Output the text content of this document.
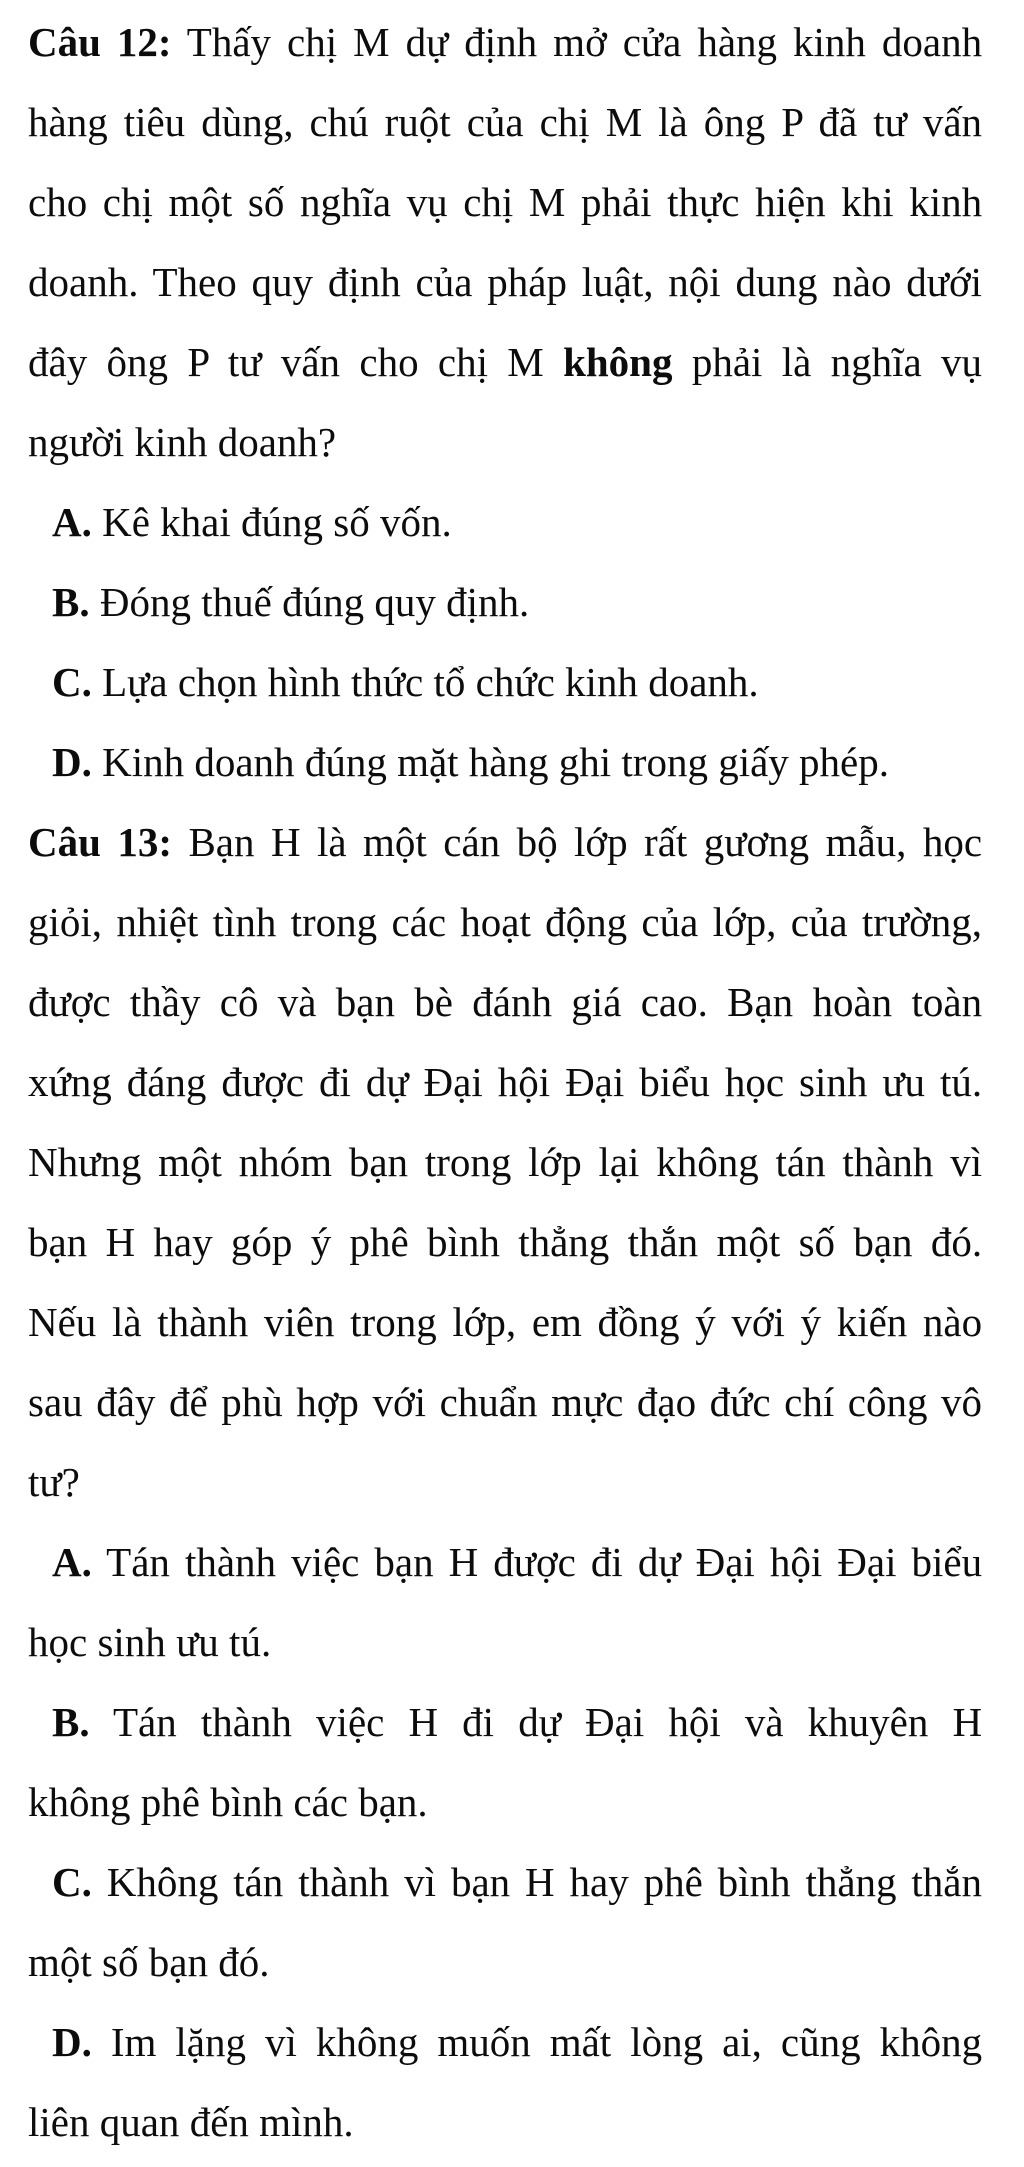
Câu 12: Thấy chị M dự định mở cửa hàng kinh doanh
hàng tiêu dùng, chú ruột của chị M là ông P đã tư vấn
cho chị một số nghĩa vụ chị M phải thực hiện khi kinh
doanh. Theo quy định của pháp luật, nội dung nào dưới
đây ông P tư vấn cho chị M không phải là nghĩa vụ
người kinh doanh?
A. Kê khai đúng số vốn.
B. Đóng thuế đúng quy định.
C. Lựa chọn hình thức tổ chức kinh doanh.
D. Kinh doanh đúng mặt hàng ghi trong giấy phép.
Câu 13: Bạn H là một cán bộ lớp rất gương mẫu, học
giỏi, nhiệt tình trong các hoạt động của lớp, của trường,
được thầy cô và bạn bè đánh giá cao. Bạn hoàn toàn
xứng đáng được đi dự Đại hội Đại biểu học sinh ưu tú.
Nhưng một nhóm bạn trong lớp lại không tán thành vì
bạn H hay góp ý phê bình thẳng thắn một số bạn đó.
Nếu là thành viên trong lớp, em đồng ý với ý kiến nào
sau đây để phù hợp với chuẩn mực đạo đức chí công vô
tư?
A. Tán thành việc bạn H được đi dự Đại hội Đại biểu
học sinh ưu tú.
B. Tán thành việc H đi dự Đại hội và khuyên H
không phê bình các bạn.
C. Không tán thành vì bạn H hay phê bình thẳng thắn
một số bạn đó.
D. Im lặng vì không muốn mất lòng ai, cũng không
liên quan đến mình.
